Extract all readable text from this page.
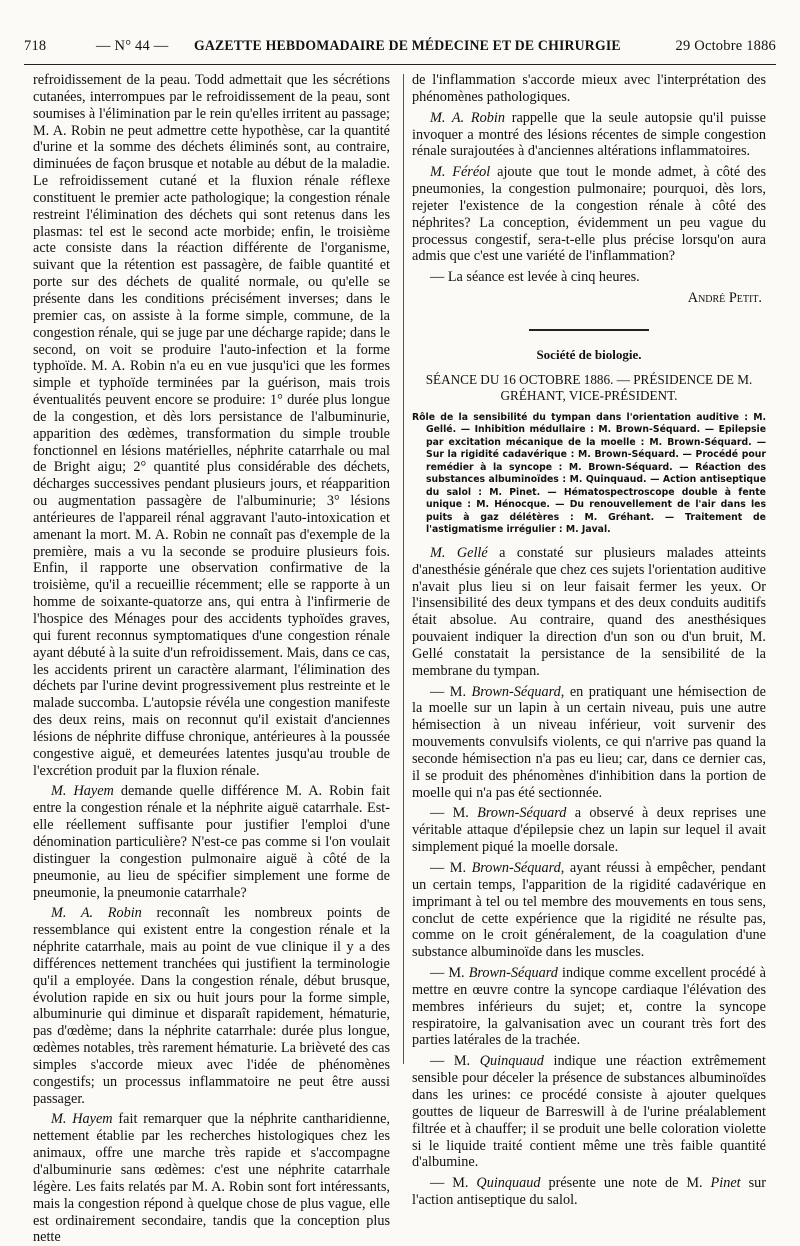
718	— N° 44 — GAZETTE HEBDOMADAIRE DE MÉDECINE ET DE CHIRURGIE	29 Octobre 1886

refroidissement de la peau. Todd admettait que les sécrétions cutanées, interrompues par le refroidissement de la peau, sont soumises à l'élimination par le rein qu'elles irritent au passage; M. A. Robin ne peut admettre cette hypothèse, car la quantité d'urine et la somme des déchets éliminés sont, au contraire, diminuées de façon brusque et notable au début de la maladie. Le refroidissement cutané et la fluxion rénale réflexe constituent le premier acte pathologique; la congestion rénale restreint l'élimination des déchets qui sont retenus dans les plasmas: tel est le second acte morbide; enfin, le troisième acte consiste dans la réaction différente de l'organisme, suivant que la rétention est passagère, de faible quantité et porte sur des déchets de qualité normale, ou qu'elle se présente dans les conditions précisément inverses; dans le premier cas, on assiste à la forme simple, commune, de la congestion rénale, qui se juge par une décharge rapide; dans le second, on voit se produire l'auto-infection et la forme typhoïde. M. A. Robin n'a eu en vue jusqu'ici que les formes simple et typhoïde terminées par la guérison, mais trois éventualités peuvent encore se produire: 1° durée plus longue de la congestion, et dès lors persistance de l'albuminurie, apparition des œdèmes, transformation du simple trouble fonctionnel en lésions matérielles, néphrite catarrhale ou mal de Bright aigu; 2° quantité plus considérable des déchets, décharges successives pendant plusieurs jours, et réapparition ou augmentation passagère de l'albuminurie; 3° lésions antérieures de l'appareil rénal aggravant l'auto-intoxication et amenant la mort. M. A. Robin ne connaît pas d'exemple de la première, mais a vu la seconde se produire plusieurs fois. Enfin, il rapporte une observation confirmative de la troisième, qu'il a recueillie récemment; elle se rapporte à un homme de soixante-quatorze ans, qui entra à l'infirmerie de l'hospice des Ménages pour des accidents typhoïdes graves, qui furent reconnus symptomatiques d'une congestion rénale ayant débuté à la suite d'un refroidissement. Mais, dans ce cas, les accidents prirent un caractère alarmant, l'élimination des déchets par l'urine devint progressivement plus restreinte et le malade succomba. L'autopsie révéla une congestion manifeste des deux reins, mais on reconnut qu'il existait d'anciennes lésions de néphrite diffuse chronique, antérieures à la poussée congestive aiguë, et demeurées latentes jusqu'au trouble de l'excrétion produit par la fluxion rénale.

M. Hayem demande quelle différence M. A. Robin fait entre la congestion rénale et la néphrite aiguë catarrhale. Est-elle réellement suffisante pour justifier l'emploi d'une dénomination particulière? N'est-ce pas comme si l'on voulait distinguer la congestion pulmonaire aiguë à côté de la pneumonie, au lieu de spécifier simplement une forme de pneumonie, la pneumonie catarrhale?

M. A. Robin reconnaît les nombreux points de ressemblance qui existent entre la congestion rénale et la néphrite catarrhale, mais au point de vue clinique il y a des différences nettement tranchées qui justifient la terminologie qu'il a employée. Dans la congestion rénale, début brusque, évolution rapide en six ou huit jours pour la forme simple, albuminurie qui diminue et disparaît rapidement, hématurie, pas d'œdème; dans la néphrite catarrhale: durée plus longue, œdèmes notables, très rarement hématurie. La brièveté des cas simples s'accorde mieux avec l'idée de phénomènes congestifs; un processus inflammatoire ne peut être aussi passager.

M. Hayem fait remarquer que la néphrite cantharidienne, nettement établie par les recherches histologiques chez les animaux, offre une marche très rapide et s'accompagne d'albuminurie sans œdèmes: c'est une néphrite catarrhale légère. Les faits relatés par M. A. Robin sont fort intéressants, mais la congestion répond à quelque chose de plus vague, elle est ordinairement secondaire, tandis que la conception plus nette

de l'inflammation s'accorde mieux avec l'interprétation des phénomènes pathologiques.

M. A. Robin rappelle que la seule autopsie qu'il puisse invoquer a montré des lésions récentes de simple congestion rénale surajoutées à d'anciennes altérations inflammatoires.

M. Féréol ajoute que tout le monde admet, à côté des pneumonies, la congestion pulmonaire; pourquoi, dès lors, rejeter l'existence de la congestion rénale à côté des néphrites? La conception, évidemment un peu vague du processus congestif, sera-t-elle plus précise lorsqu'on aura admis que c'est une variété de l'inflammation?

— La séance est levée à cinq heures.

André Petit.

Société de biologie.

SÉANCE DU 16 OCTOBRE 1886. — PRÉSIDENCE DE M. GRÉHANT, VICE-PRÉSIDENT.

Rôle de la sensibilité du tympan dans l'orientation auditive : M. Gellé. — Inhibition médullaire : M. Brown-Séquard. — Epilepsie par excitation mécanique de la moelle : M. Brown-Séquard. — Sur la rigidité cadavérique : M. Brown-Séquard. — Procédé pour remédier à la syncope : M. Brown-Séquard. — Réaction des substances albuminoïdes : M. Quinquaud. — Action antiseptique du salol : M. Pinet. — Hématospectroscope double à fente unique : M. Hénocque. — Du renouvellement de l'air dans les puits à gaz délétères : M. Gréhant. — Traitement de l'astigmatisme irrégulier : M. Javal.

M. Gellé a constaté sur plusieurs malades atteints d'anesthésie générale que chez ces sujets l'orientation auditive n'avait plus lieu si on leur faisait fermer les yeux. Or l'insensibilité des deux tympans et des deux conduits auditifs était absolue. Au contraire, quand des anesthésiques pouvaient indiquer la direction d'un son ou d'un bruit, M. Gellé constatait la persistance de la sensibilité de la membrane du tympan.

— M. Brown-Séquard, en pratiquant une hémisection de la moelle sur un lapin à un certain niveau, puis une autre hémisection à un niveau inférieur, voit survenir des mouvements convulsifs violents, ce qui n'arrive pas quand la seconde hémisection n'a pas eu lieu; car, dans ce dernier cas, il se produit des phénomènes d'inhibition dans la portion de moelle qui n'a pas été sectionnée.

— M. Brown-Séquard a observé à deux reprises une véritable attaque d'épilepsie chez un lapin sur lequel il avait simplement piqué la moelle dorsale.

— M. Brown-Séquard, ayant réussi à empêcher, pendant un certain temps, l'apparition de la rigidité cadavérique en imprimant à tel ou tel membre des mouvements en tous sens, conclut de cette expérience que la rigidité ne résulte pas, comme on le croit généralement, de la coagulation d'une substance albuminoïde dans les muscles.

— M. Brown-Séquard indique comme excellent procédé à mettre en œuvre contre la syncope cardiaque l'élévation des membres inférieurs du sujet; et, contre la syncope respiratoire, la galvanisation avec un courant très fort des parties latérales de la trachée.

— M. Quinquaud indique une réaction extrêmement sensible pour déceler la présence de substances albuminoïdes dans les urines: ce procédé consiste à ajouter quelques gouttes de liqueur de Barreswill à de l'urine préalablement filtrée et à chauffer; il se produit une belle coloration violette si le liquide traité contient même une très faible quantité d'albumine.

— M. Quinquaud présente une note de M. Pinet sur l'action antiseptique du salol.
